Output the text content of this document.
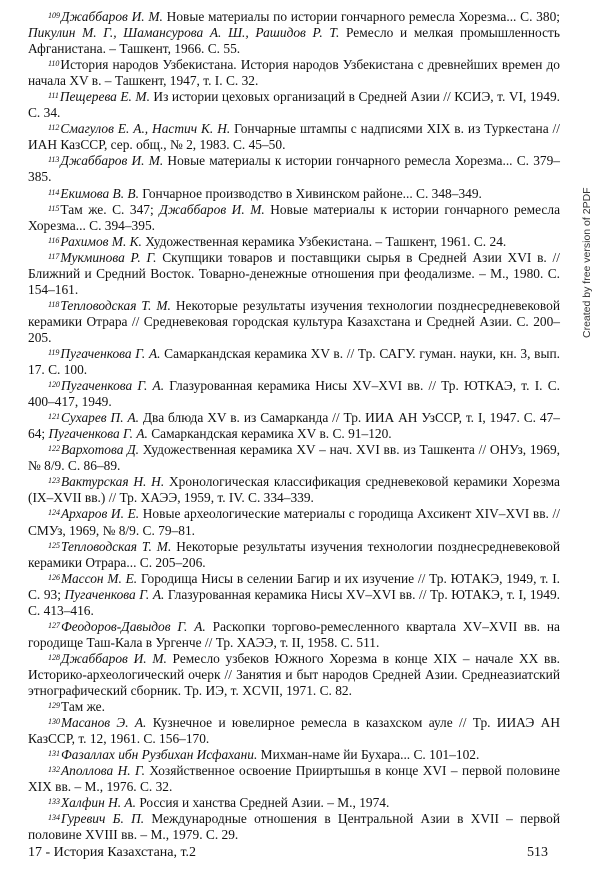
$^{109}$Джаббаров И. М. Новые материалы по истории гончарного ремесла Хорезма... С. 380; Пикулин М. Г., Шамансурова А. Ш., Рашидов Р. Т. Ремесло и мелкая промышленность Афганистана. – Ташкент, 1966. С. 55.
$^{110}$История народов Узбекистана. История народов Узбекистана с древнейших времен до начала XV в. – Ташкент, 1947, т. I. С. 32.
$^{111}$Пещерева Е. М. Из истории цеховых организаций в Средней Азии // КСИЭ, т. VI, 1949. С. 34.
$^{112}$Смагулов Е. А., Настич К. Н. Гончарные штампы с надписями XIX в. из Туркестана // ИАН КазССР, сер. общ., № 2, 1983. С. 45–50.
$^{113}$Джаббаров И. М. Новые материалы к истории гончарного ремесла Хорезма... С. 379–385.
$^{114}$Екимова В. В. Гончарное производство в Хивинском районе... С. 348–349.
$^{115}$Там же. С. 347; Джаббаров И. М. Новые материалы к истории гончарного ремесла Хорезма... С. 394–395.
$^{116}$Рахимов М. К. Художественная керамика Узбекистана. – Ташкент, 1961. С. 24.
$^{117}$Мукминова Р. Г. Скупщики товаров и поставщики сырья в Средней Азии XVI в. // Ближний и Средний Восток. Товарно-денежные отношения при феодализме. – М., 1980. С. 154–161.
$^{118}$Тепловодская Т. М. Некоторые результаты изучения технологии позднесредневековой керамики Отрара // Средневековая городская культура Казахстана и Средней Азии. С. 200–205.
$^{119}$Пугаченкова Г. А. Самаркандская керамика XV в. // Тр. САГУ. гуман. науки, кн. 3, вып. 17. С. 100.
$^{120}$Пугаченкова Г. А. Глазурованная керамика Нисы XV–XVI вв. // Тр. ЮТКАЭ, т. I. С. 400–417, 1949.
$^{121}$Сухарев П. А. Два блюда XV в. из Самарканда // Тр. ИИА АН УзССР, т. I, 1947. С. 47–64; Пугаченкова Г. А. Самаркандская керамика XV в. С. 91–120.
$^{122}$Вархотова Д. Художественная керамика XV – нач. XVI вв. из Ташкента // ОНУз, 1969, № 8/9. С. 86–89.
$^{123}$Вактурская Н. Н. Хронологическая классификация средневековой керамики Хорезма (IX–XVII вв.) // Тр. ХАЭЭ, 1959, т. IV. С. 334–339.
$^{124}$Архаров И. Е. Новые археологические материалы с городища Ахсикент XIV–XVI вв. // СМУз, 1969, № 8/9. С. 79–81.
$^{125}$Тепловодская Т. М. Некоторые результаты изучения технологии позднесредневековой керамики Отрара... С. 205–206.
$^{126}$Массон М. Е. Городища Нисы в селении Багир и их изучение // Тр. ЮТАКЭ, 1949, т. I. С. 93; Пугаченкова Г. А. Глазурованная керамика Нисы XV–XVI вв. // Тр. ЮТАКЭ, т. I, 1949. С. 413–416.
$^{127}$Феодоров-Давыдов Г. А. Раскопки торгово-ремесленного квартала XV–XVII вв. на городище Таш-Кала в Ургенче // Тр. ХАЭЭ, т. II, 1958. С. 511.
$^{128}$Джаббаров И. М. Ремесло узбеков Южного Хорезма в конце XIX – начале XX вв. Историко-археологический очерк // Занятия и быт народов Средней Азии. Среднеазиатский этнографический сборник. Тр. ИЭ, т. XCVII, 1971. С. 82.
$^{129}$Там же.
$^{130}$Масанов Э. А. Кузнечное и ювелирное ремесла в казахском ауле // Тр. ИИАЭ АН КазССР, т. 12, 1961. С. 156–170.
$^{131}$Фазаллах ибн Рузбихан Исфахани. Михман-наме йи Бухара... С. 101–102.
$^{132}$Аполлова Н. Г. Хозяйственное освоение Прииртышья в конце XVI – первой половине XIX вв. – М., 1976. С. 32.
$^{133}$Халфин Н. А. Россия и ханства Средней Азии. – М., 1974.
$^{134}$Гуревич Б. П. Международные отношения в Центральной Азии в XVII – первой половине XVIII вв. – М., 1979. С. 29.
17 - История Казахстана, т.2	513
Created by free version of 2PDF
